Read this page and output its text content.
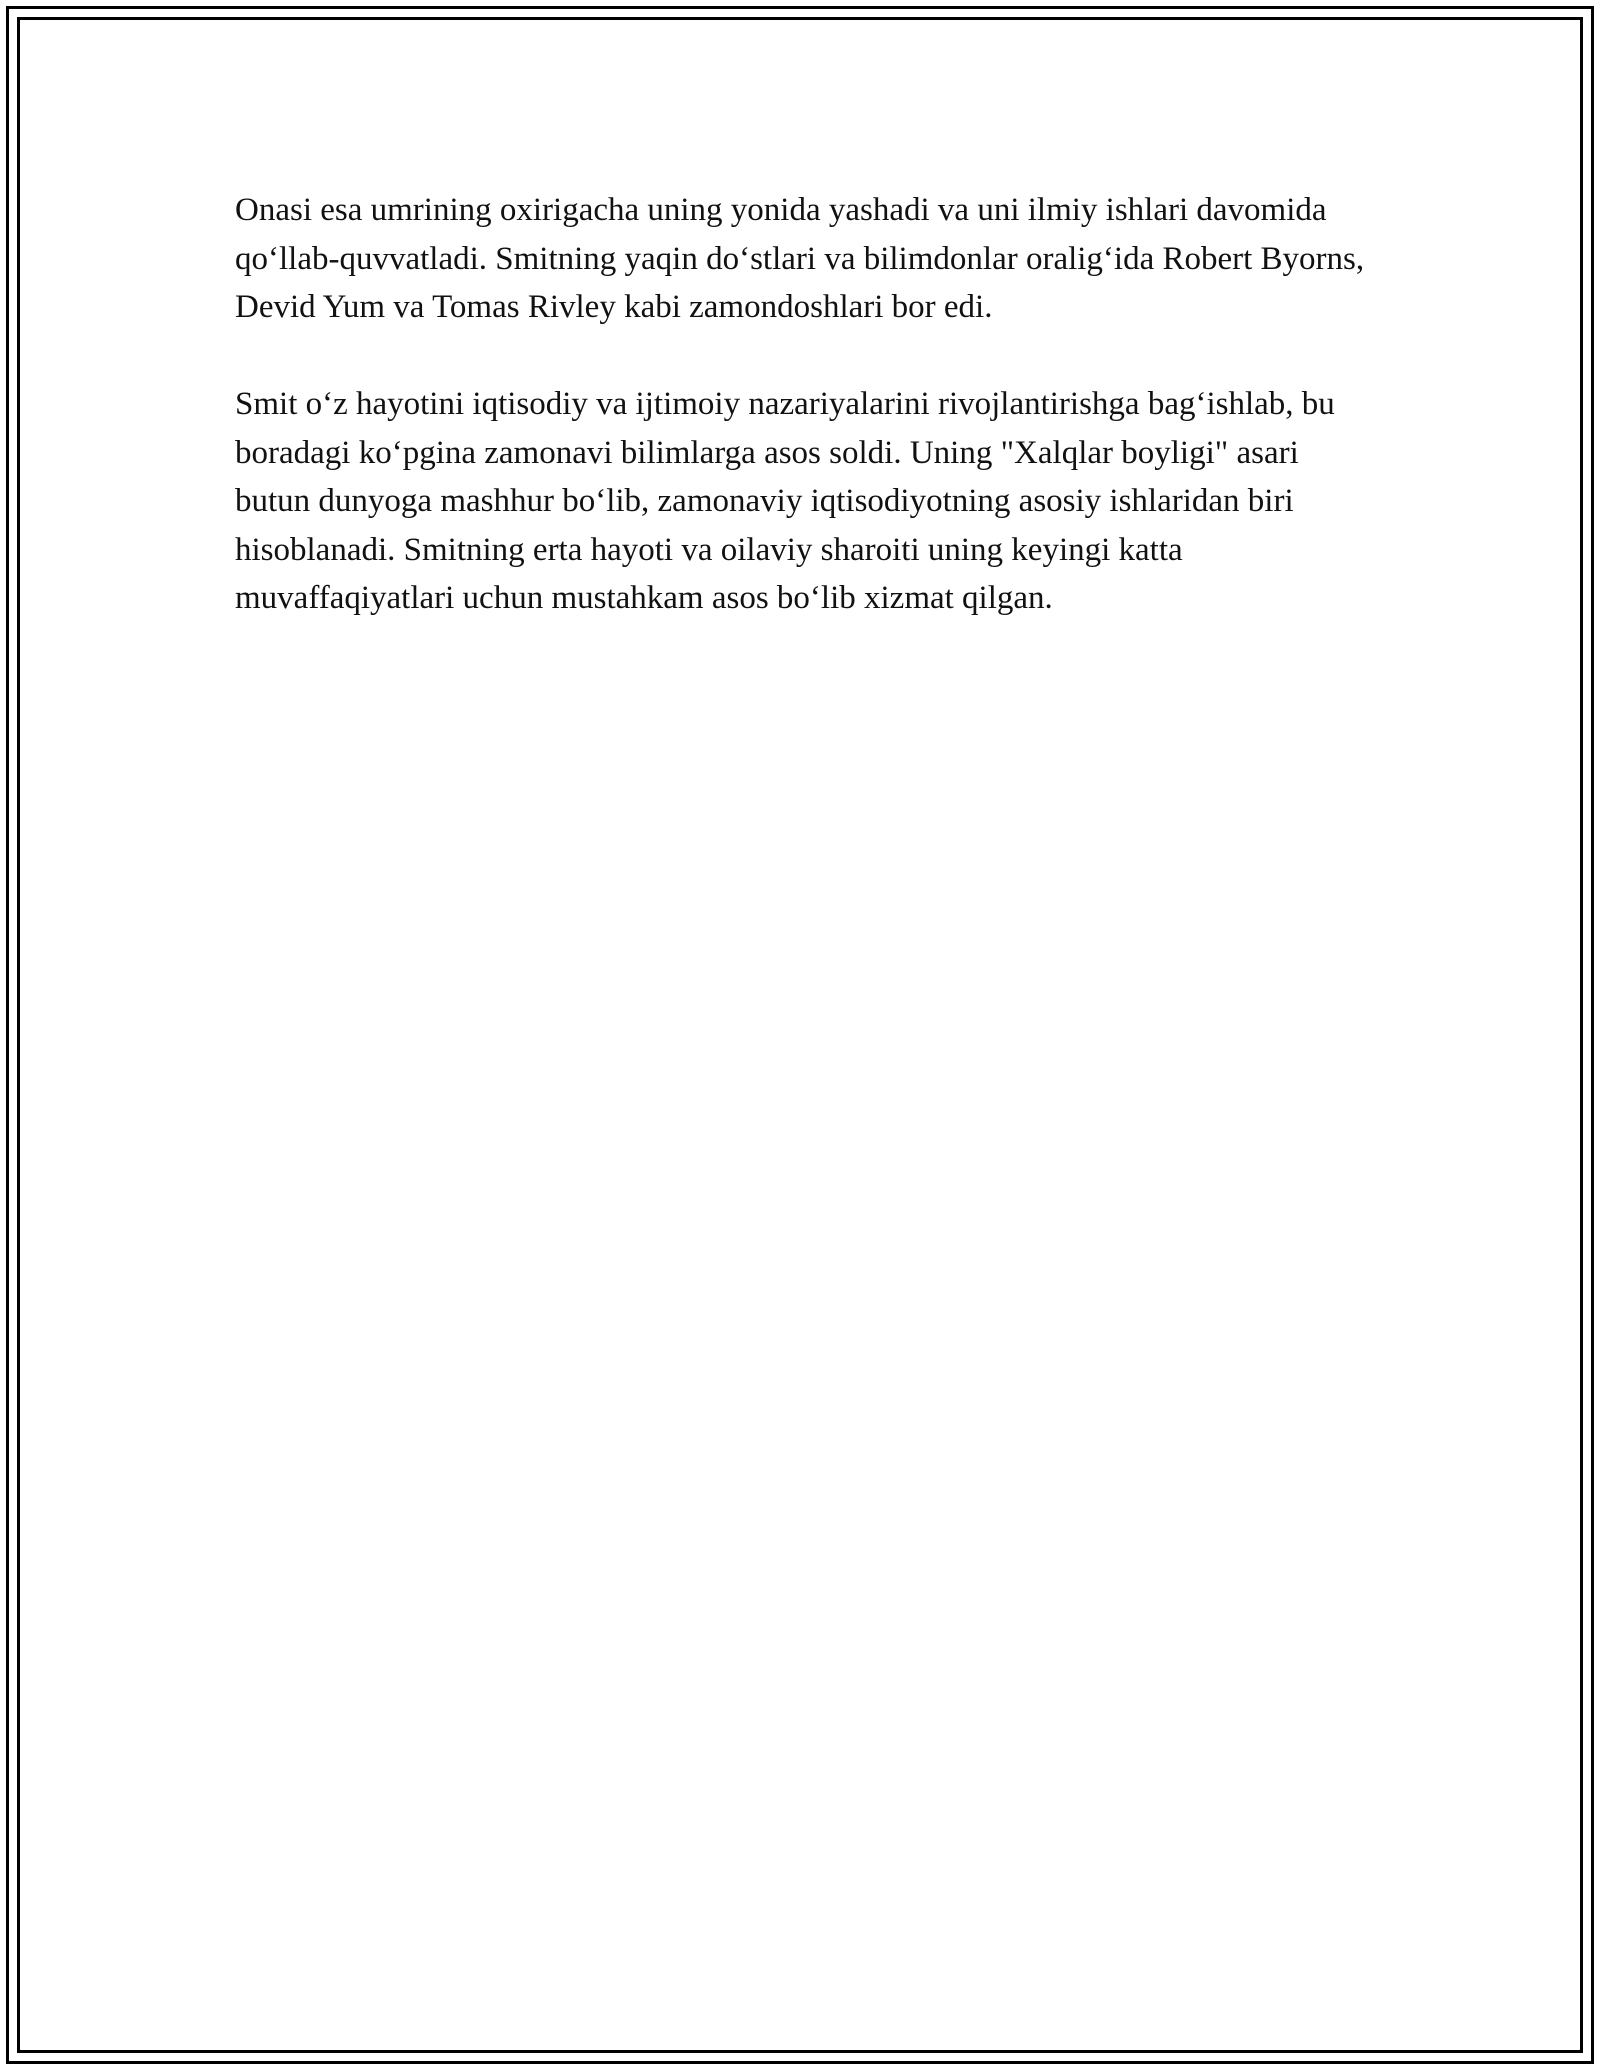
Onasi esa umrining oxirigacha uning yonida yashadi va uni ilmiy ishlari davomida qo‘llab-quvvatladi. Smitning yaqin do‘stlari va bilimdonlar oralig‘ida Robert Byorns, Devid Yum va Tomas Rivley kabi zamondoshlari bor edi.

Smit o‘z hayotini iqtisodiy va ijtimoiy nazariyalarini rivojlantirishga bag‘ishlab, bu boradagi ko‘pgina zamonavi bilimlarga asos soldi. Uning "Xalqlar boyligi" asari butun dunyoga mashhur bo‘lib, zamonaviy iqtisodiyotning asosiy ishlaridan biri hisoblanadi. Smitning erta hayoti va oilaviy sharoiti uning keyingi katta muvaffaqiyatlari uchun mustahkam asos bo‘lib xizmat qilgan.
